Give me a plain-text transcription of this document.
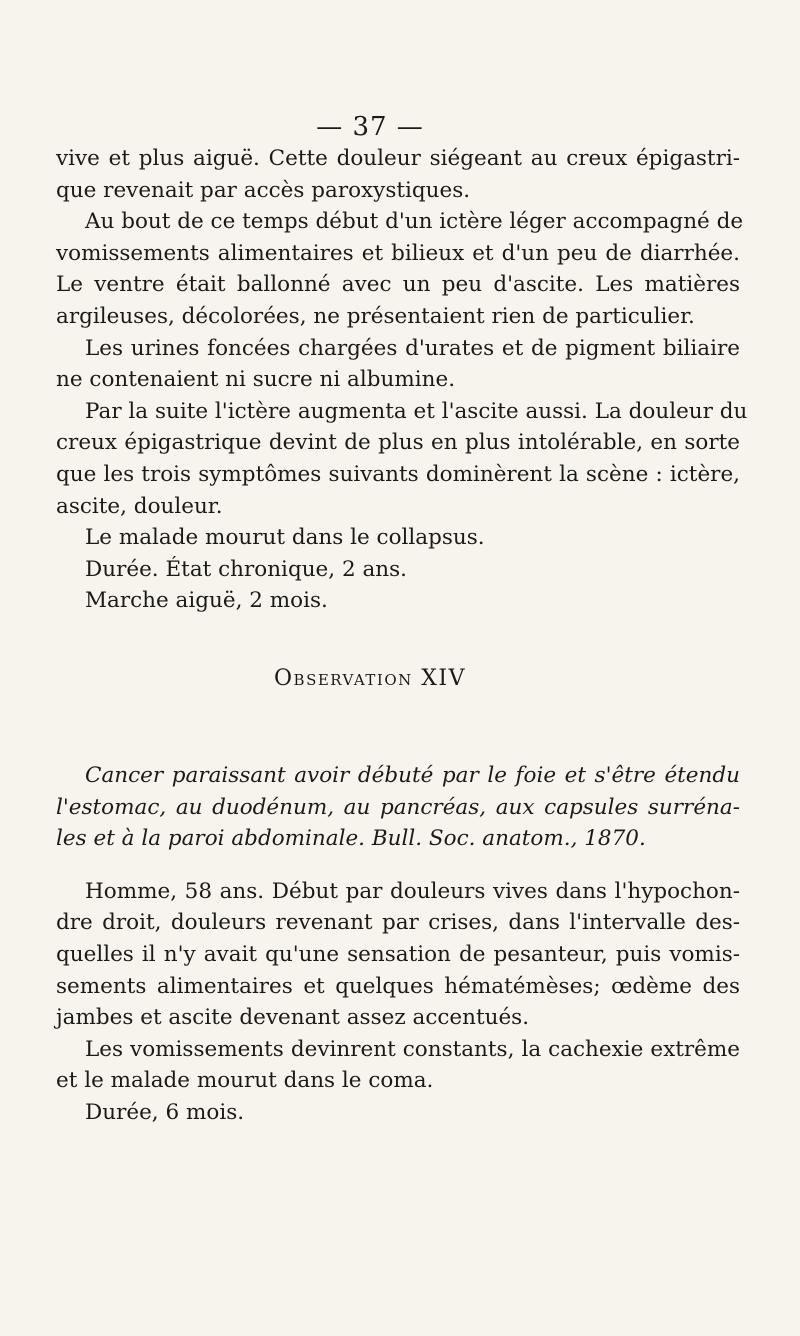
— 37 —
vive et plus aiguë. Cette douleur siégeant au creux épigastri-
que revenait par accès paroxystiques.
Au bout de ce temps début d'un ictère léger accompagné de
vomissements alimentaires et bilieux et d'un peu de diarrhée.
Le ventre était ballonné avec un peu d'ascite. Les matières
argileuses, décolorées, ne présentaient rien de particulier.
Les urines foncées chargées d'urates et de pigment biliaire
ne contenaient ni sucre ni albumine.
Par la suite l'ictère augmenta et l'ascite aussi. La douleur du
creux épigastrique devint de plus en plus intolérable, en sorte
que les trois symptômes suivants dominèrent la scène : ictère,
ascite, douleur.
Le malade mourut dans le collapsus.
Durée. État chronique, 2 ans.
Marche aiguë, 2 mois.
Observation XIV
Cancer paraissant avoir débuté par le foie et s'être étendu
l'estomac, au duodénum, au pancréas, aux capsules surréna-
les et à la paroi abdominale. Bull. Soc. anatom., 1870.
Homme, 58 ans. Début par douleurs vives dans l'hypochon-
dre droit, douleurs revenant par crises, dans l'intervalle des-
quelles il n'y avait qu'une sensation de pesanteur, puis vomis-
sements alimentaires et quelques hématémèses; œdème des
jambes et ascite devenant assez accentués.
Les vomissements devinrent constants, la cachexie extrême
et le malade mourut dans le coma.
Durée, 6 mois.
